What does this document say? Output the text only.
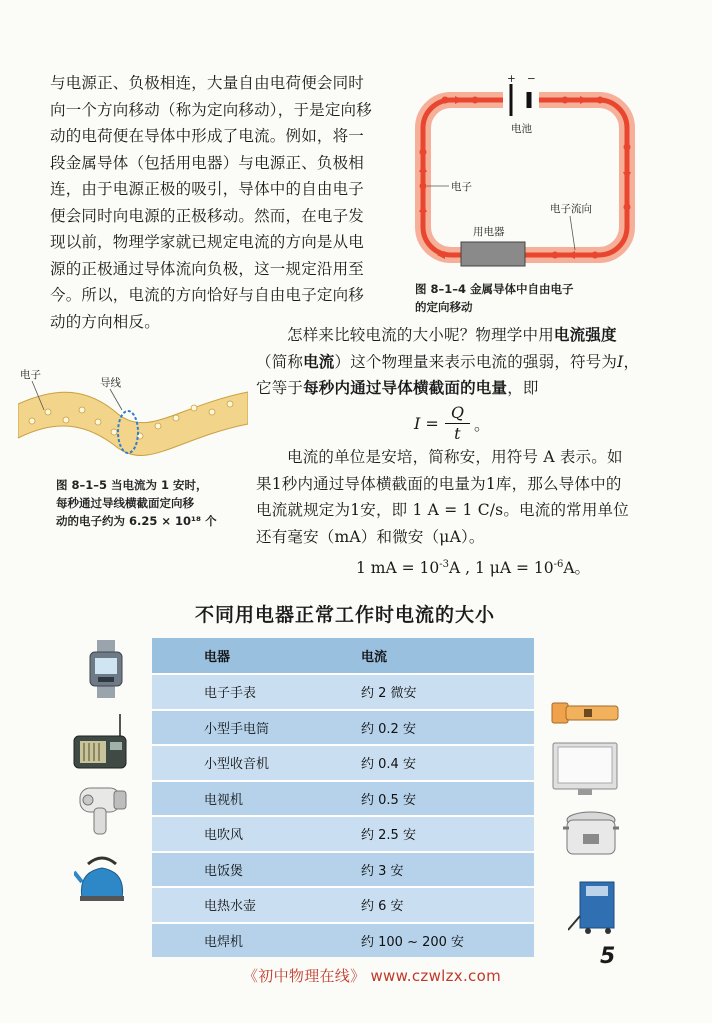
与电源正、负极相连，大量自由电荷便会同时

向一个方向移动（称为定向移动），于是定向移

动的电荷便在导体中形成了电流。例如，将一

段金属导体（包括用电器）与电源正、负极相

连，由于电源正极的吸引，导体中的自由电子

便会同时向电源的正极移动。然而，在电子发

现以前，物理学家就已规定电流的方向是从电

源的正极通过导体流向负极，这一规定沿用至

今。所以，电流的方向恰好与自由电子定向移

动的方向相反。

+ −
电池
用电器
电子
电子流向
图 8–1–4 金属导体中自由电子
的定向移动
电子
导线
图 8–1–5 当电流为 1 安时，
每秒通过导线横截面定向移
动的电子约为 6.25 × 10¹⁸ 个

怎样来比较电流的大小呢？物理学中用电流强度

（简称电流）这个物理量来表示电流的强弱，符号为I，

它等于每秒内通过导体横截面的电量，即

$I = \frac{Q}{t}$ 。

电流的单位是安培，简称安，用符号 A 表示。如

果1秒内通过导体横截面的电量为1库，那么导体中的

电流就规定为1安，即 1 A = 1 C/s。电流的常用单位

还有毫安（mA）和微安（μA）。

1 mA = $10^{-3}A$ , 1 $\mu A = 10^{-6}A$。
不同用电器正常工作时电流的大小
电器	电流
电子手表	约 2 微安
小型手电筒	约 0.2 安
小型收音机	约 0.4 安
电视机	约 0.5 安
电吹风	约 2.5 安
电饭煲	约 3 安
电热水壶	约 6 安
电焊机	约 100 ~ 200 安
5
《初中物理在线》 www.czwlzx.com
